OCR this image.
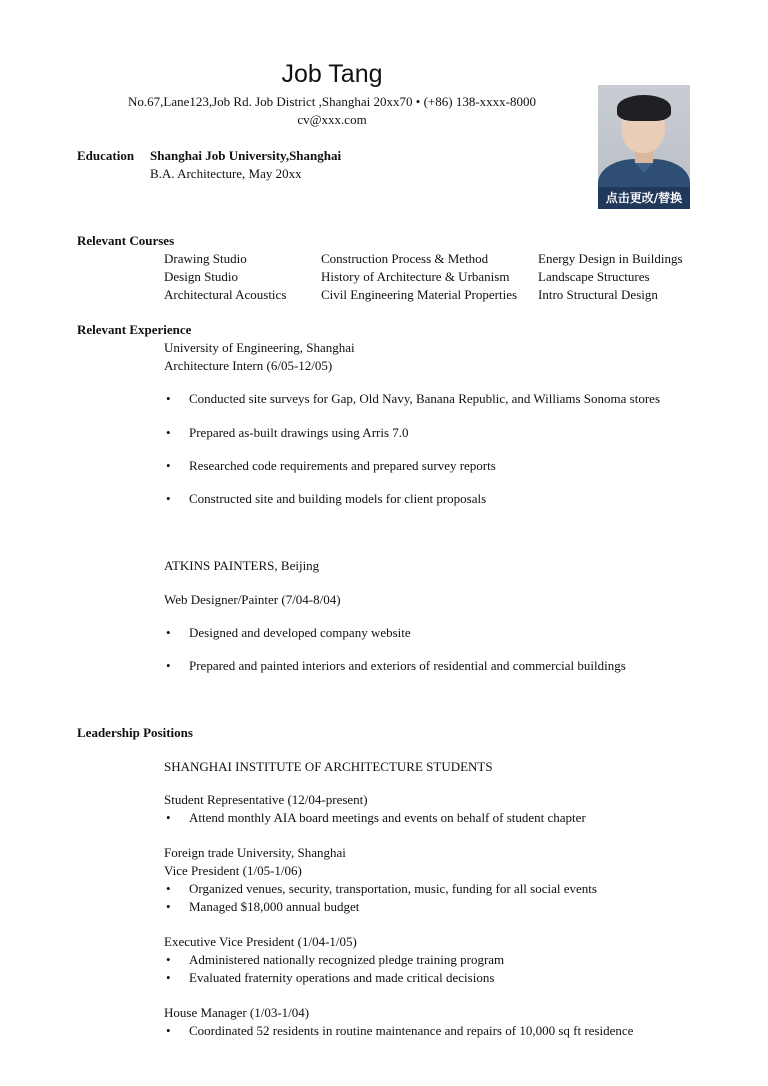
Job Tang
No.67,Lane123,Job Rd. Job District ,Shanghai 20xx70 • (+86) 138-xxxx-8000
cv@xxx.com
点击更改/替换
Education Shanghai Job University,Shanghai
B.A. Architecture, May 20xx
Relevant Courses
Drawing Studio
Design Studio
Architectural Acoustics
Construction Process & Method
History of Architecture & Urbanism
Civil Engineering Material Properties
Energy Design in Buildings
Landscape Structures
Intro Structural Design
Relevant Experience
University of Engineering, Shanghai
Architecture Intern (6/05-12/05)
• Conducted site surveys for Gap, Old Navy, Banana Republic, and Williams Sonoma stores
• Prepared as-built drawings using Arris 7.0
• Researched code requirements and prepared survey reports
• Constructed site and building models for client proposals
ATKINS PAINTERS, Beijing
Web Designer/Painter (7/04-8/04)
• Designed and developed company website
• Prepared and painted interiors and exteriors of residential and commercial buildings
Leadership Positions
SHANGHAI INSTITUTE OF ARCHITECTURE STUDENTS
Student Representative (12/04-present)
• Attend monthly AIA board meetings and events on behalf of student chapter
Foreign trade University, Shanghai
Vice President (1/05-1/06)
• Organized venues, security, transportation, music, funding for all social events
• Managed $18,000 annual budget
Executive Vice President (1/04-1/05)
• Administered nationally recognized pledge training program
• Evaluated fraternity operations and made critical decisions
House Manager (1/03-1/04)
• Coordinated 52 residents in routine maintenance and repairs of 10,000 sq ft residence
